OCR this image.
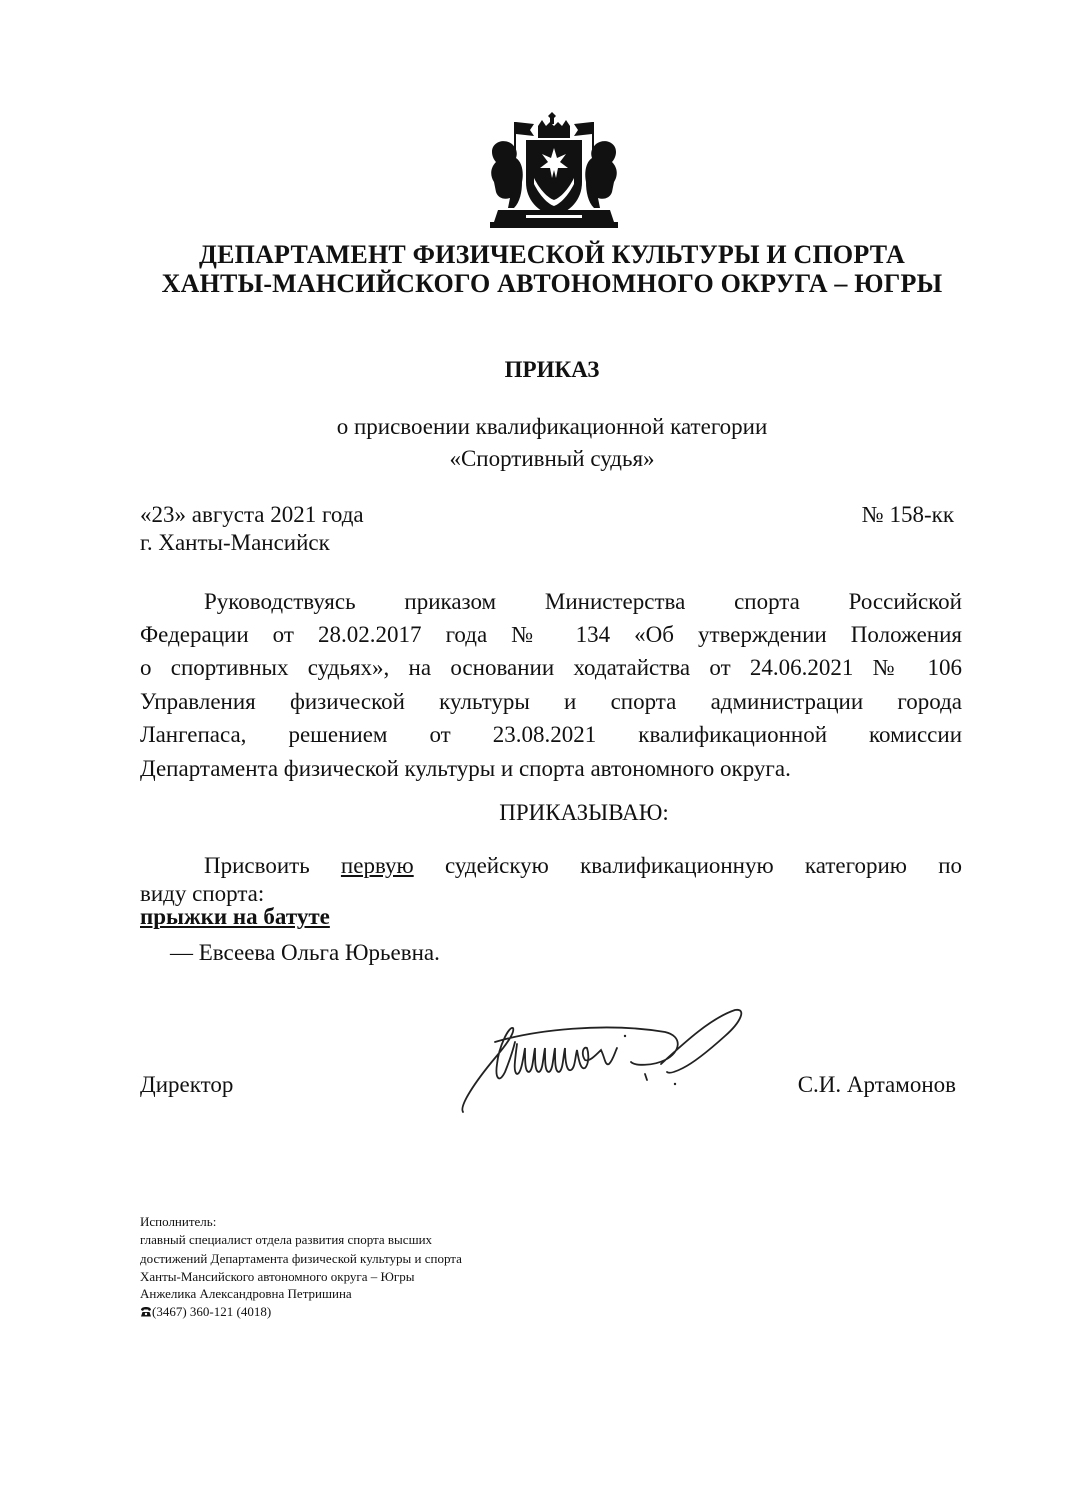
ДЕПАРТАМЕНТ ФИЗИЧЕСКОЙ КУЛЬТУРЫ И СПОРТА
ХАНТЫ-МАНСИЙСКОГО АВТОНОМНОГО ОКРУГА – ЮГРЫ
ПРИКАЗ
о присвоении квалификационной категории
«Спортивный судья»
«23» августа 2021 года
г. Ханты-Мансийск
№ 158-кк
Руководствуясь приказом Министерства спорта Российской
Федерации от 28.02.2017 года № 134 «Об утверждении Положения
о спортивных судьях», на основании ходатайства от 24.06.2021 № 106
Управления физической культуры и спорта администрации города
Лангепаса, решением от 23.08.2021 квалификационной комиссии
Департамента физической культуры и спорта автономного округа.
ПРИКАЗЫВАЮ:
Присвоить первую судейскую квалификационную категорию по
виду спорта:
прыжки на батуте
— Евсеева Ольга Юрьевна.
Директор	С.И. Артамонов
Исполнитель:
главный специалист отдела развития спорта высших
достижений Департамента физической культуры и спорта
Ханты-Мансийского автономного округа – Югры
Анжелика Александровна Петришина
(3467) 360-121 (4018)
